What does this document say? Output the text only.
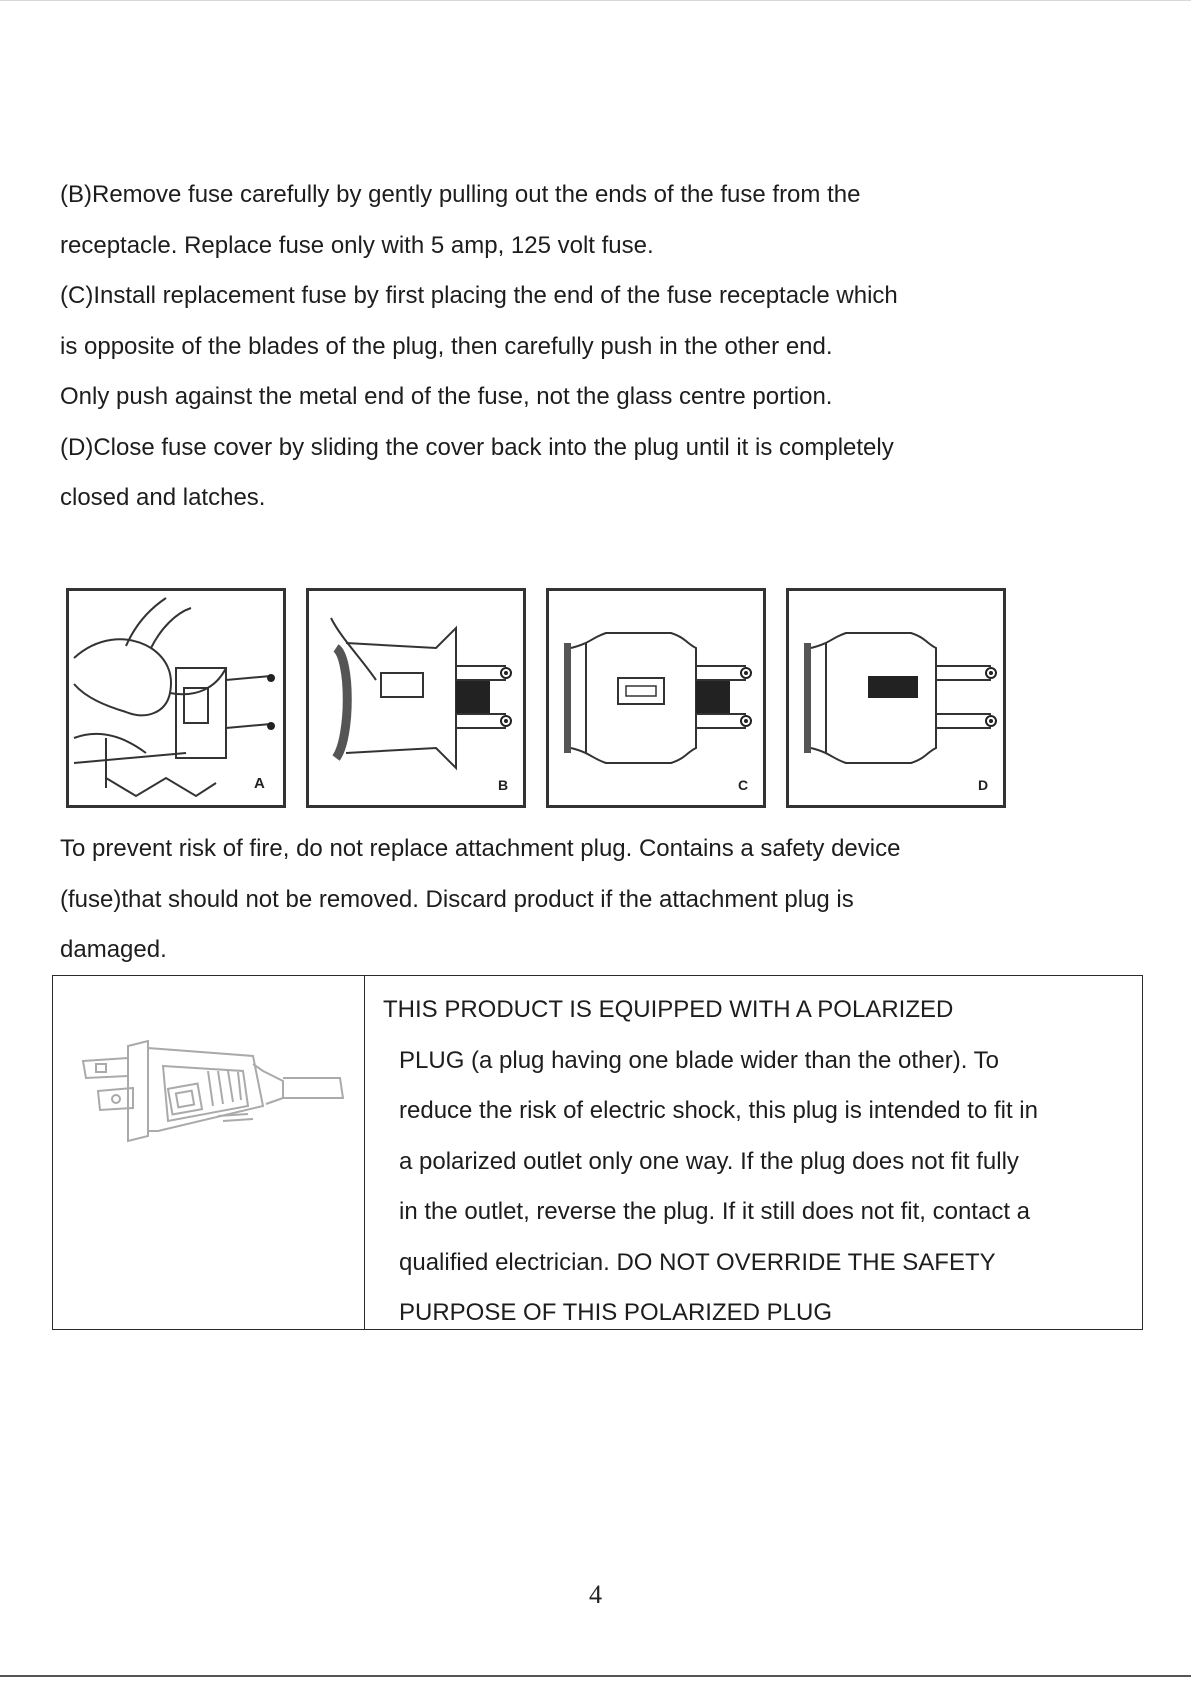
(B)Remove fuse carefully by gently pulling out the ends of the fuse from the
receptacle. Replace fuse only with 5 amp, 125 volt fuse.
(C)Install replacement fuse by first placing the end of the fuse receptacle which
is opposite of the blades of the plug, then carefully push in the other end.
Only push against the metal end of the fuse, not the glass centre portion.
(D)Close fuse cover by sliding the cover back into the plug until it is completely
closed and latches.
A	B	C	D
To prevent risk of fire, do not replace attachment plug. Contains a safety device
(fuse)that should not be removed. Discard product if the attachment plug is
damaged.
THIS PRODUCT IS EQUIPPED WITH A POLARIZED
PLUG (a plug having one blade wider than the other). To
reduce the risk of electric shock, this plug is intended to fit in
a polarized outlet only one way. If the plug does not fit fully
in the outlet, reverse the plug. If it still does not fit, contact a
qualified electrician. DO NOT OVERRIDE THE SAFETY
PURPOSE OF THIS POLARIZED PLUG
4
